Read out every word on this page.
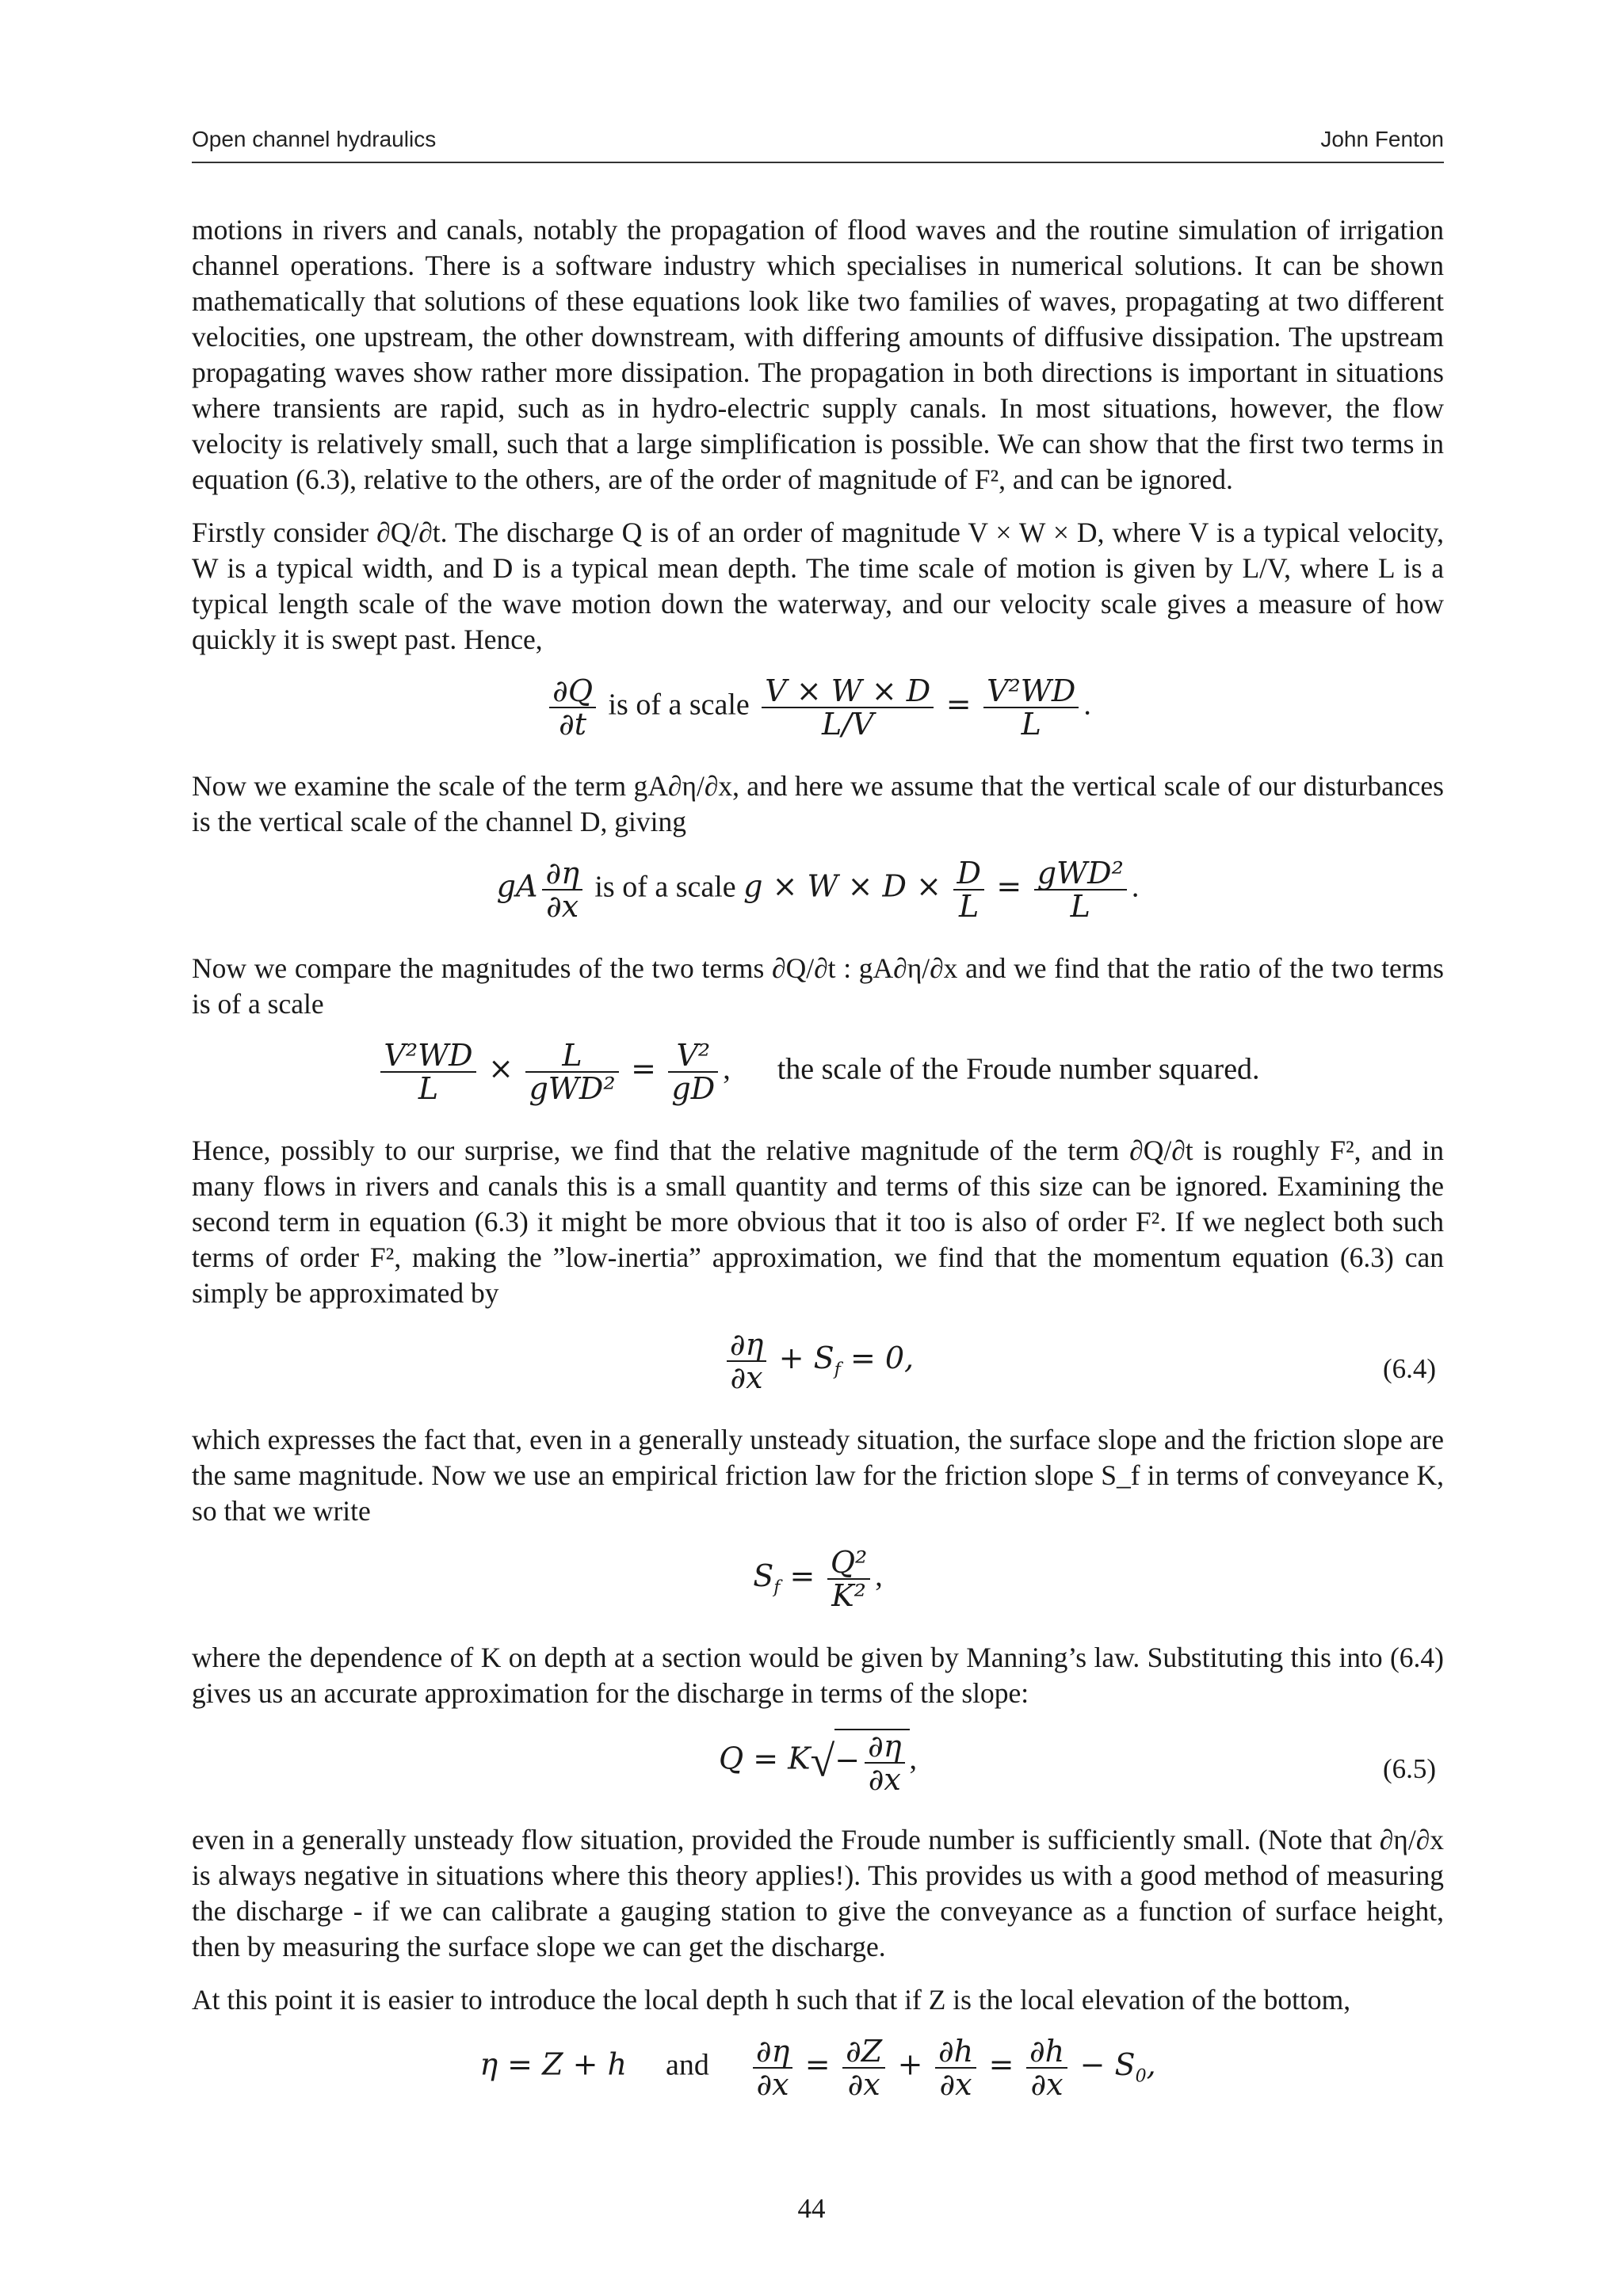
Open channel hydraulics	John Fenton

motions in rivers and canals, notably the propagation of flood waves and the routine simulation of irrigation channel operations. There is a software industry which specialises in numerical solutions. It can be shown mathematically that solutions of these equations look like two families of waves, propagating at two different velocities, one upstream, the other downstream, with differing amounts of diffusive dissipation. The upstream propagating waves show rather more dissipation. The propagation in both directions is important in situations where transients are rapid, such as in hydro-electric supply canals. In most situations, however, the flow velocity is relatively small, such that a large simplification is possible. We can show that the first two terms in equation (6.3), relative to the others, are of the order of magnitude of F², and can be ignored.

Firstly consider ∂Q/∂t. The discharge Q is of an order of magnitude V × W × D, where V is a typical velocity, W is a typical width, and D is a typical mean depth. The time scale of motion is given by L/V, where L is a typical length scale of the wave motion down the waterway, and our velocity scale gives a measure of how quickly it is swept past. Hence,

$\frac{\partial Q}{\partial t}$ is of a scale $\frac{V \times W \times D}{L/V} = \frac{\text{V²WD}}{L}$ .

Now we examine the scale of the term gA∂η/∂x, and here we assume that the vertical scale of our disturbances is the vertical scale of the channel D, giving

gA $\frac{\partial\eta}{\partial x}$ is of a scale $g \times W \times D \times \frac{D}{L} = \frac{\text{gWD²}}{L}$ .

Now we compare the magnitudes of the two terms ∂Q/∂t : gA∂η/∂x and we find that the ratio of the two terms is of a scale

$\frac{\text{V²WD}}{L} \times \frac{L}{\text{gWD²}} = \frac{\text{V²}}{gD}$ , the scale of the Froude number squared.

Hence, possibly to our surprise, we find that the relative magnitude of the term ∂Q/∂t is roughly F², and in many flows in rivers and canals this is a small quantity and terms of this size can be ignored. Examining the second term in equation (6.3) it might be more obvious that it too is also of order F². If we neglect both such terms of order F², making the ”low-inertia” approximation, we find that the momentum equation (6.3) can simply be approximated by

$\frac{\partial\eta}{\partial x} + S_f = 0$,	(6.4)

which expresses the fact that, even in a generally unsteady situation, the surface slope and the friction slope are the same magnitude. Now we use an empirical friction law for the friction slope S_f in terms of conveyance K, so that we write

$S_f = \frac{\text{Q²}}{\text{K²}}$ ,

where the dependence of K on depth at a section would be given by Manning’s law. Substituting this into (6.4) gives us an accurate approximation for the discharge in terms of the slope:

$Q = K√- \frac{\partial\eta}{\partial x}$ ,	(6.5)

even in a generally unsteady flow situation, provided the Froude number is sufficiently small. (Note that ∂η/∂x is always negative in situations where this theory applies!). This provides us with a good method of measuring the discharge - if we can calibrate a gauging station to give the conveyance as a function of surface height, then by measuring the surface slope we can get the discharge.

At this point it is easier to introduce the local depth h such that if Z is the local elevation of the bottom,

η = Z + h and $\frac{\partial\eta}{\partial x} = \frac{\partial Z}{\partial x} + \frac{\partial h}{\partial x} = \frac{\partial h}{\partial x} - S_0$,
44
